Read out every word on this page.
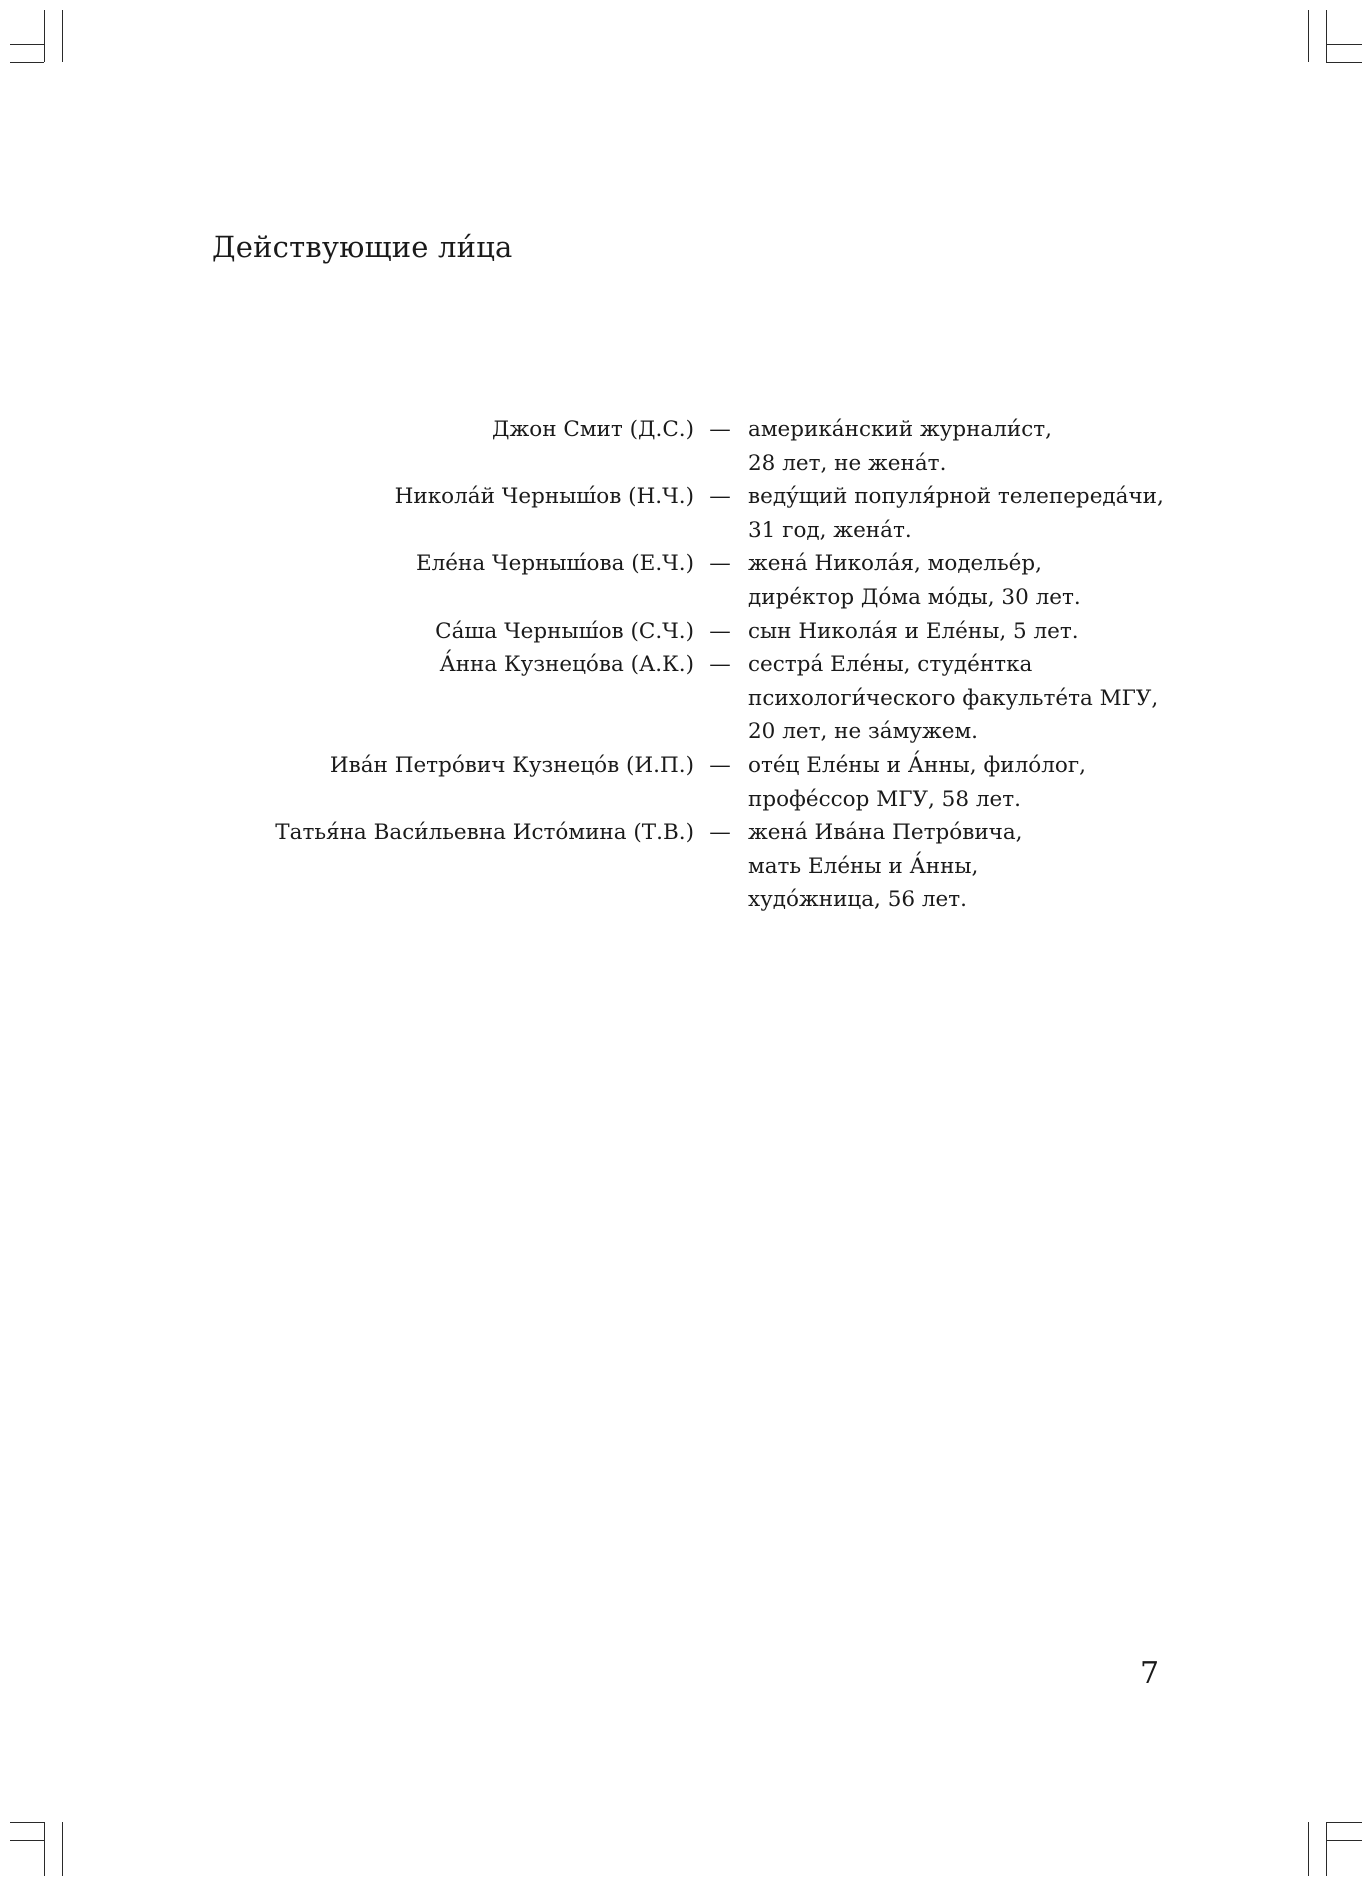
Действующие ли́ца
Джон Смит (Д.С.) — америка́нский журнали́ст,
28 лет, не жена́т.
Никола́й Черныш́ов (Н.Ч.) — веду́щий популя́рной телепереда́чи,
31 год, жена́т.
Еле́на Черныш́ова (Е.Ч.) — жена́ Никола́я, модельéр,
дирéктор До́ма мо́ды, 30 лет.
Са́ша Черныш́ов (С.Ч.) — сын Никола́я и Еле́ны, 5 лет.
А́нна Кузнецо́ва (А.К.) — сестра́ Еле́ны, студе́нтка
психологи́ческого факульте́та МГУ,
20 лет, не за́мужем.
Ива́н Петро́вич Кузнецо́в (И.П.) — оте́ц Еле́ны и А́нны, фило́лог,
профе́ссор МГУ, 58 лет.
Татья́на Васи́льевна Исто́мина (Т.В.) — жена́ Ива́на Петро́вича,
мать Еле́ны и А́нны,
худо́жница, 56 лет.
7
